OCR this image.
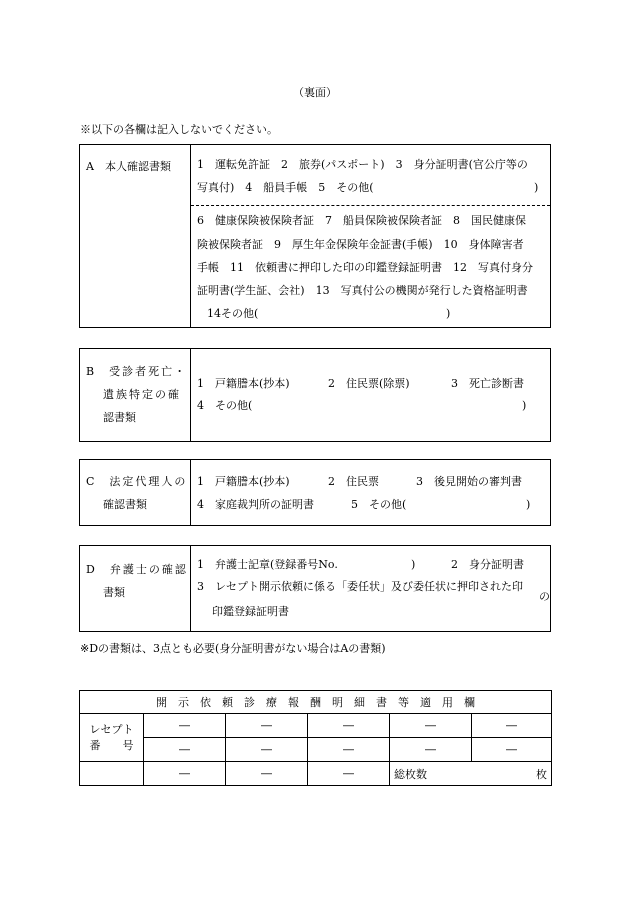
（裏面）
※以下の各欄は記入しないでください。
A　本人確認書類 1　運転免許証　2　旅券(パスポート)　3　身分証明書(官公庁等の
写真付)　4　船員手帳　5　その他(	)
6　健康保険被保険者証　7　船員保険被保険者証　8　国民健康保
険被保険者証　9　厚生年金保険年金証書(手帳)　10　身体障害者
手帳　11　依頼書に押印した印の印鑑登録証明書　12　写真付身分
証明書(学生証、会社)　13　写真付公の機関が発行した資格証明書
14その他(	)
B　受診者死亡・
遺族特定の確
認書類
1　戸籍謄本(抄本)	2　住民票(除票)	3　死亡診断書
4　その他(	)
C　法定代理人の
確認書類
1　戸籍謄本(抄本)	2　住民票	3　後見開始の審判書
4　家庭裁判所の証明書	5　その他(	)
D　弁護士の確認
書類
1　弁護士記章(登録番号No.	)	2　身分証明書
3　レセプト開示依頼に係る「委任状」及び委任状に押印された印
の
印鑑登録証明書
※Dの書類は、3点とも必要(身分証明書がない場合はAの書類)
開　示　依　頼　診　療　報　酬　明　細　書　等　適　用　欄					
レセプト
番　　号	―	―	―	―	―
	―	―	―	―	―
	―	―	―	総枚数 枚	
